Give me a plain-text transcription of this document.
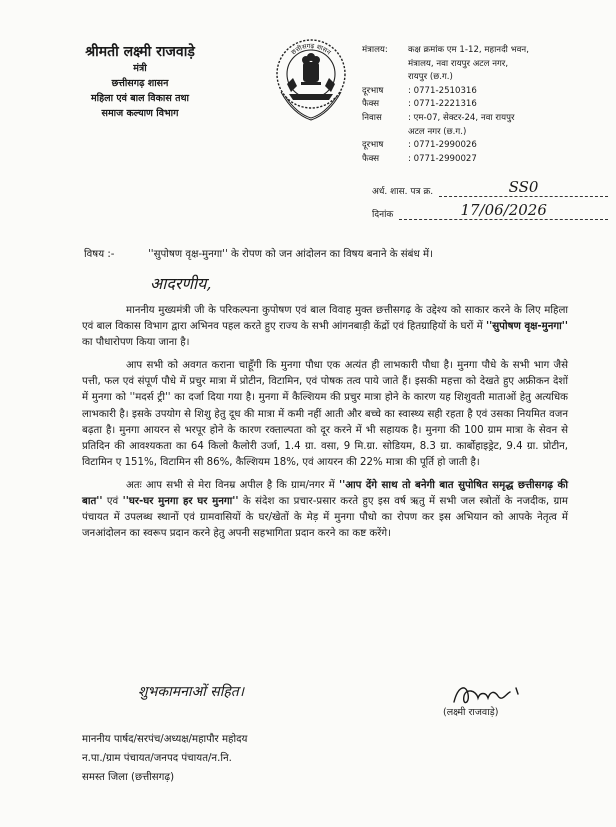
श्रीमती लक्ष्मी राजवाड़े
मंत्री
छत्तीसगढ़ शासन
महिला एवं बाल विकास तथा
समाज कल्याण विभाग
छत्तीसगढ़ शासन	मंत्रालय:	कक्ष क्रमांक एम 1-12, महानदी भवन,
मंत्रालय, नवा रायपुर अटल नगर,
रायपुर (छ.ग.)
दूरभाष	: 0771-2510316
फैक्स	: 0771-2221316
निवास	: एम-07, सेक्टर-24, नवा रायपुर
अटल नगर (छ.ग.)
दूरभाष	: 0771-2990026
फैक्स	: 0771-2990027
अर्ध. शास. पत्र क्र.	SS0
दिनांक	17/06/2026
विषय :-	''सुपोषण वृक्ष-मुनगा'' के रोपण को जन आंदोलन का विषय बनाने के संबंध में।
आदरणीय,

माननीय मुख्यमंत्री जी के परिकल्पना कुपोषण एवं बाल विवाह मुक्त छत्तीसगढ़ के उद्देश्य को साकार करने के लिए महिला एवं बाल विकास विभाग द्वारा अभिनव पहल करते हुए राज्य के सभी आंगनबाड़ी केंद्रों एवं हितग्राहियों के घरों में ''सुपोषण वृक्ष-मुनगा'' का पौधारोपण किया जाना है।

आप सभी को अवगत कराना चाहूँगी कि मुनगा पौधा एक अत्यंत ही लाभकारी पौधा है। मुनगा पौधे के सभी भाग जैसे पत्ती, फल एवं संपूर्ण पौधे में प्रचुर मात्रा में प्रोटीन, विटामिन, एवं पोषक तत्व पाये जाते हैं। इसकी महत्ता को देखते हुए अफ्रीकन देशों में मुनगा को ''मदर्स ट्री'' का दर्जा दिया गया है। मुनगा में कैल्शियम की प्रचुर मात्रा होने के कारण यह शिशुवती माताओं हेतु अत्यधिक लाभकारी है। इसके उपयोग से शिशु हेतु दूध की मात्रा में कमी नहीं आती और बच्चे का स्वास्थ्य सही रहता है एवं उसका नियमित वजन बढ़ता है। मुनगा आयरन से भरपूर होने के कारण रक्ताल्पता को दूर करने में भी सहायक है। मुनगा की 100 ग्राम मात्रा के सेवन से प्रतिदिन की आवश्यकता का 64 किलो कैलोरी उर्जा, 1.4 ग्रा. वसा, 9 मि.ग्रा. सोडियम, 8.3 ग्रा. कार्बोहाइड्रेट, 9.4 ग्रा. प्रोटीन, विटामिन ए 151%, विटामिन सी 86%, कैल्शियम 18%, एवं आयरन की 22% मात्रा की पूर्ति हो जाती है।

अतः आप सभी से मेरा विनम्र अपील है कि ग्राम/नगर में ''आप देंगे साथ तो बनेगी बात सुपोषित समृद्ध छत्तीसगढ़ की बात'' एवं ''घर-घर मुनगा हर घर मुनगा'' के संदेश का प्रचार-प्रसार करते हुए इस वर्ष ऋतु में सभी जल स्त्रोतों के नजदीक, ग्राम पंचायत में उपलब्ध स्थानों एवं ग्रामवासियों के घर/खेतों के मेड़ में मुनगा पौधो का रोपण कर इस अभियान को आपके नेतृत्व में जनआंदोलन का स्वरूप प्रदान करने हेतु अपनी सहभागिता प्रदान करने का कष्ट करेंगे।

शुभकामनाओं सहित।
(लक्ष्मी राजवाड़े)
माननीय पार्षद/सरपंच/अध्यक्ष/महापौर महोदय
न.पा./ग्राम पंचायत/जनपद पंचायत/न.नि.
समस्त जिला (छत्तीसगढ़)
